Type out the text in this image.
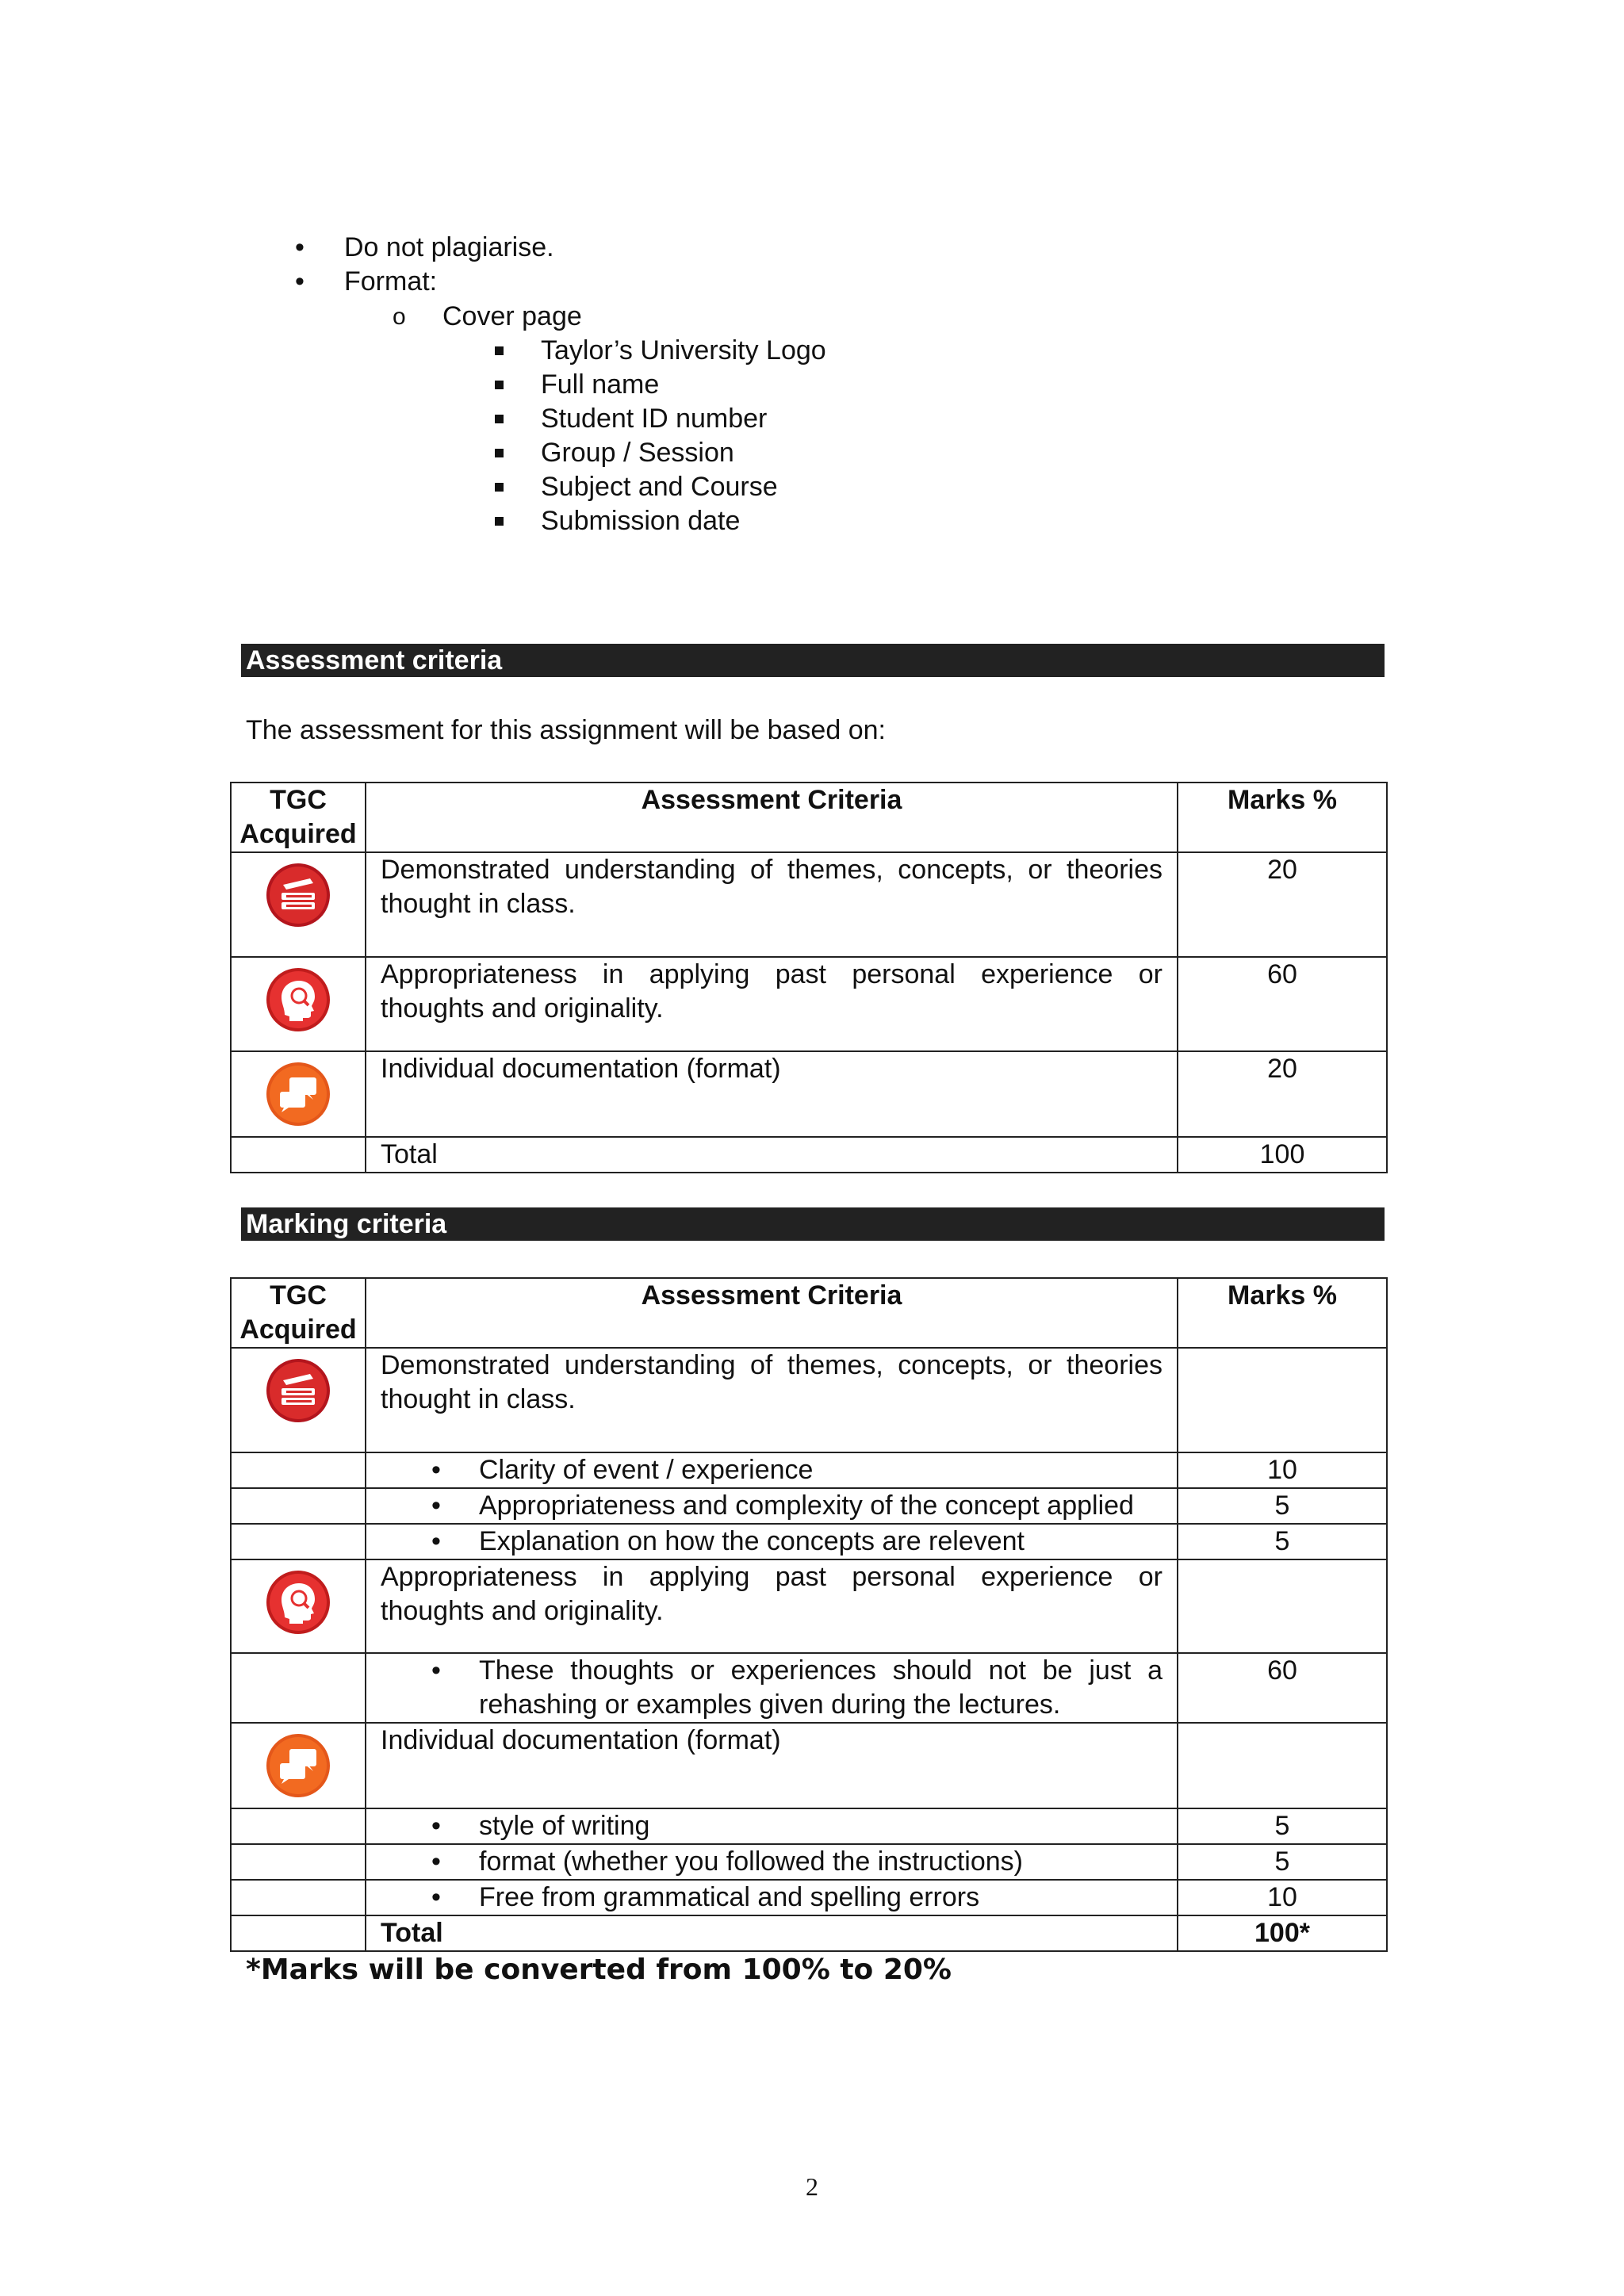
• Do not plagiarise.
• Format:
o Cover page
Taylor’s University Logo
Full name
Student ID number
Group / Session
Subject and Course
Submission date
Assessment criteria
The assessment for this assignment will be based on:
TGC Acquired	Assessment Criteria	Marks %

	Demonstrated understanding of themes, concepts, or theories thought in class.	20

	Appropriateness in applying past personal experience or thoughts and originality.	60

	Individual documentation (format)	20
	Total	100
Marking criteria
TGC Acquired	Assessment Criteria	Marks %

	Demonstrated understanding of themes, concepts, or theories thought in class.	

	• Clarity of event / experience	10

	• Appropriateness and complexity of the concept applied	5

	• Explanation on how the concepts are relevent	5

	Appropriateness in applying past personal experience or thoughts and originality.	

	• These thoughts or experiences should not be just a rehashing or examples given during the lectures.	60

	Individual documentation (format)	

	• style of writing	5

	• format (whether you followed the instructions)	5

	• Free from grammatical and spelling errors	10
	Total	100*
*Marks will be converted from 100% to 20%
2
